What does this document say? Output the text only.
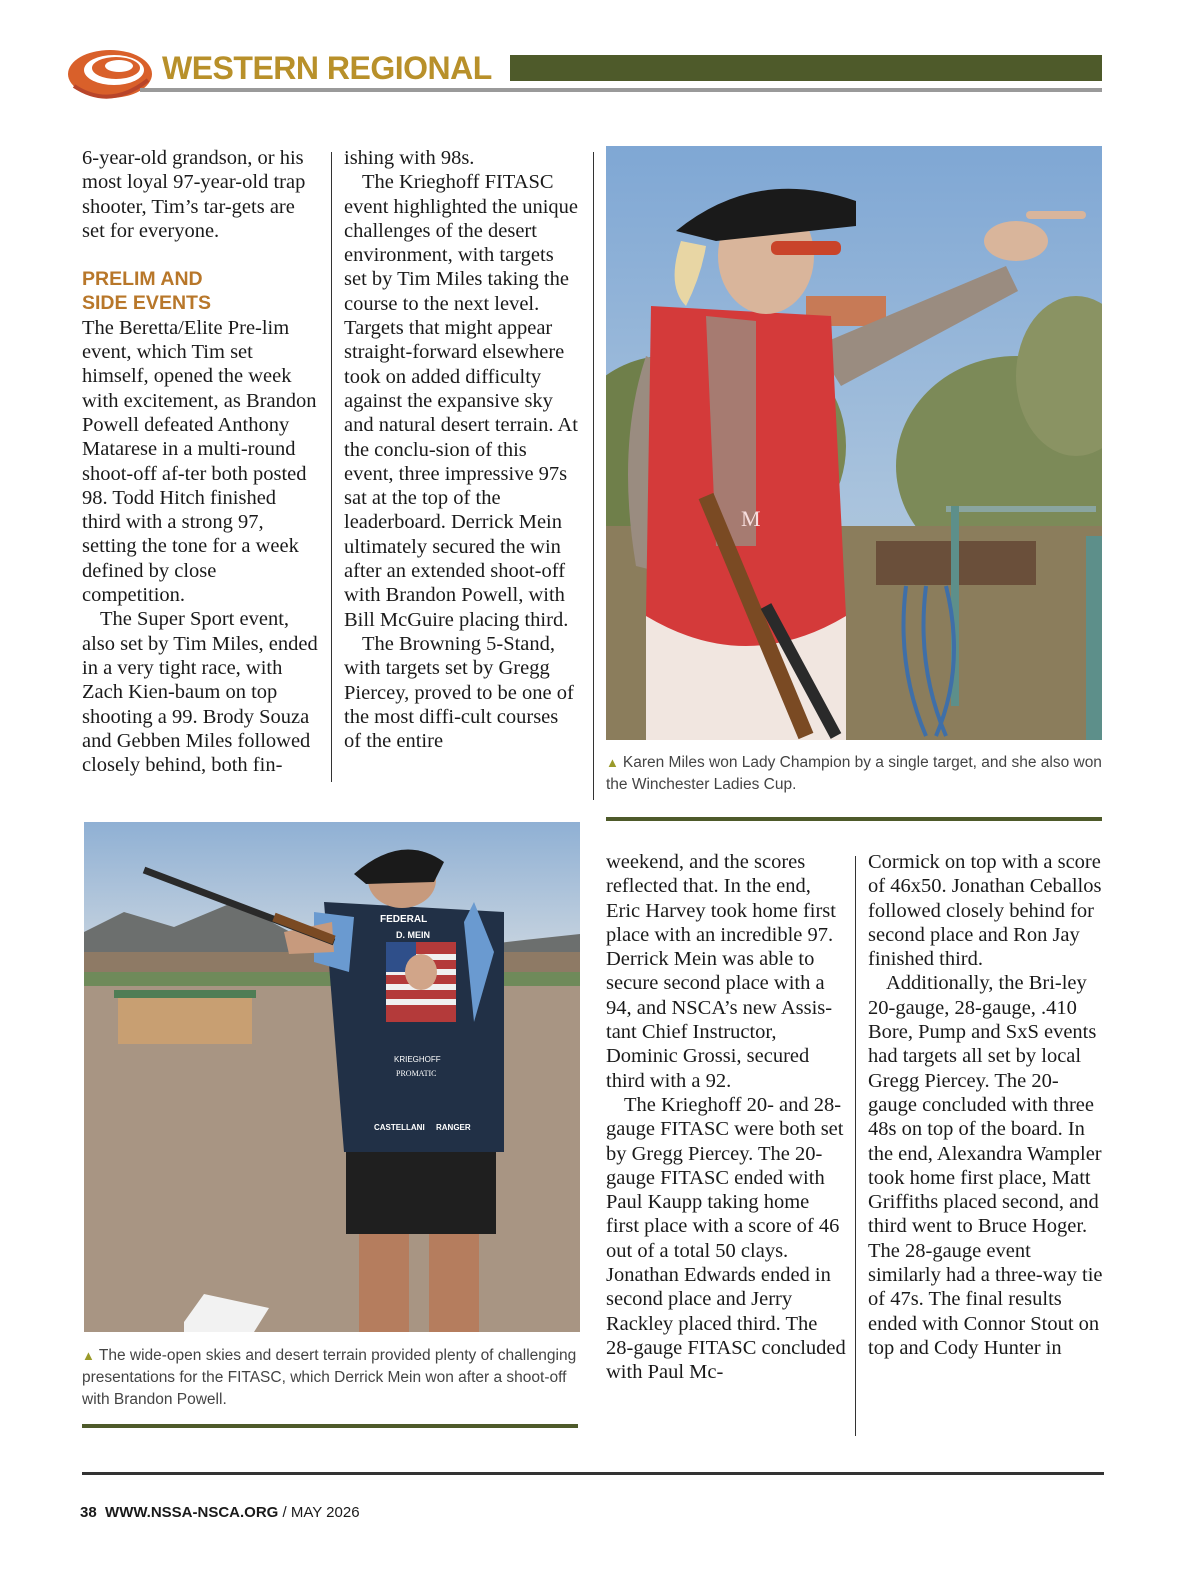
WESTERN REGIONAL

6-year-old grandson, or his most loyal 97-year-old trap shooter, Tim’s tar-gets are set for everyone.

PRELIM AND
SIDE EVENTS

The Beretta/Elite Pre-lim event, which Tim set himself, opened the week with excitement, as Brandon Powell defeated Anthony Matarese in a multi-round shoot-off af-ter both posted 98. Todd Hitch finished third with a strong 97, setting the tone for a week defined by close competition.

The Super Sport event, also set by Tim Miles, ended in a very tight race, with Zach Kien-baum on top shooting a 99. Brody Souza and Gebben Miles followed closely behind, both fin-

ishing with 98s.

The Krieghoff FITASC event highlighted the unique challenges of the desert environment, with targets set by Tim Miles taking the course to the next level. Targets that might appear straight-forward elsewhere took on added difficulty against the expansive sky and natural desert terrain. At the conclu-sion of this event, three impressive 97s sat at the top of the leaderboard. Derrick Mein ultimately secured the win after an extended shoot-off with Brandon Powell, with Bill McGuire placing third.

The Browning 5-Stand, with targets set by Gregg Piercey, proved to be one of the most diffi-cult courses of the entire

M
▲ Karen Miles won Lady Champion by a single target, and she also won the Winchester Ladies Cup.
FEDERAL
D. MEIN
KRIEGHOFF
PROMATIC
CASTELLANI RANGER
▲ The wide-open skies and desert terrain provided plenty of challenging presentations for the FITASC, which Derrick Mein won after a shoot-off with Brandon Powell.

weekend, and the scores reflected that. In the end, Eric Harvey took home first place with an incredible 97. Derrick Mein was able to secure second place with a 94, and NSCA’s new Assis-tant Chief Instructor, Dominic Grossi, secured third with a 92.

The Krieghoff 20- and 28-gauge FITASC were both set by Gregg Piercey. The 20-gauge FITASC ended with Paul Kaupp taking home first place with a score of 46 out of a total 50 clays. Jonathan Edwards ended in second place and Jerry Rackley placed third. The 28-gauge FITASC concluded with Paul Mc-

Cormick on top with a score of 46x50. Jonathan Ceballos followed closely behind for second place and Ron Jay finished third.

Additionally, the Bri-ley 20-gauge, 28-gauge, .410 Bore, Pump and SxS events had targets all set by local Gregg Piercey. The 20-gauge concluded with three 48s on top of the board. In the end, Alexandra Wampler took home first place, Matt Griffiths placed second, and third went to Bruce Hoger. The 28-gauge event similarly had a three-way tie of 47s. The final results ended with Connor Stout on top and Cody Hunter in

38 WWW.NSSA-NSCA.ORG / MAY 2026
